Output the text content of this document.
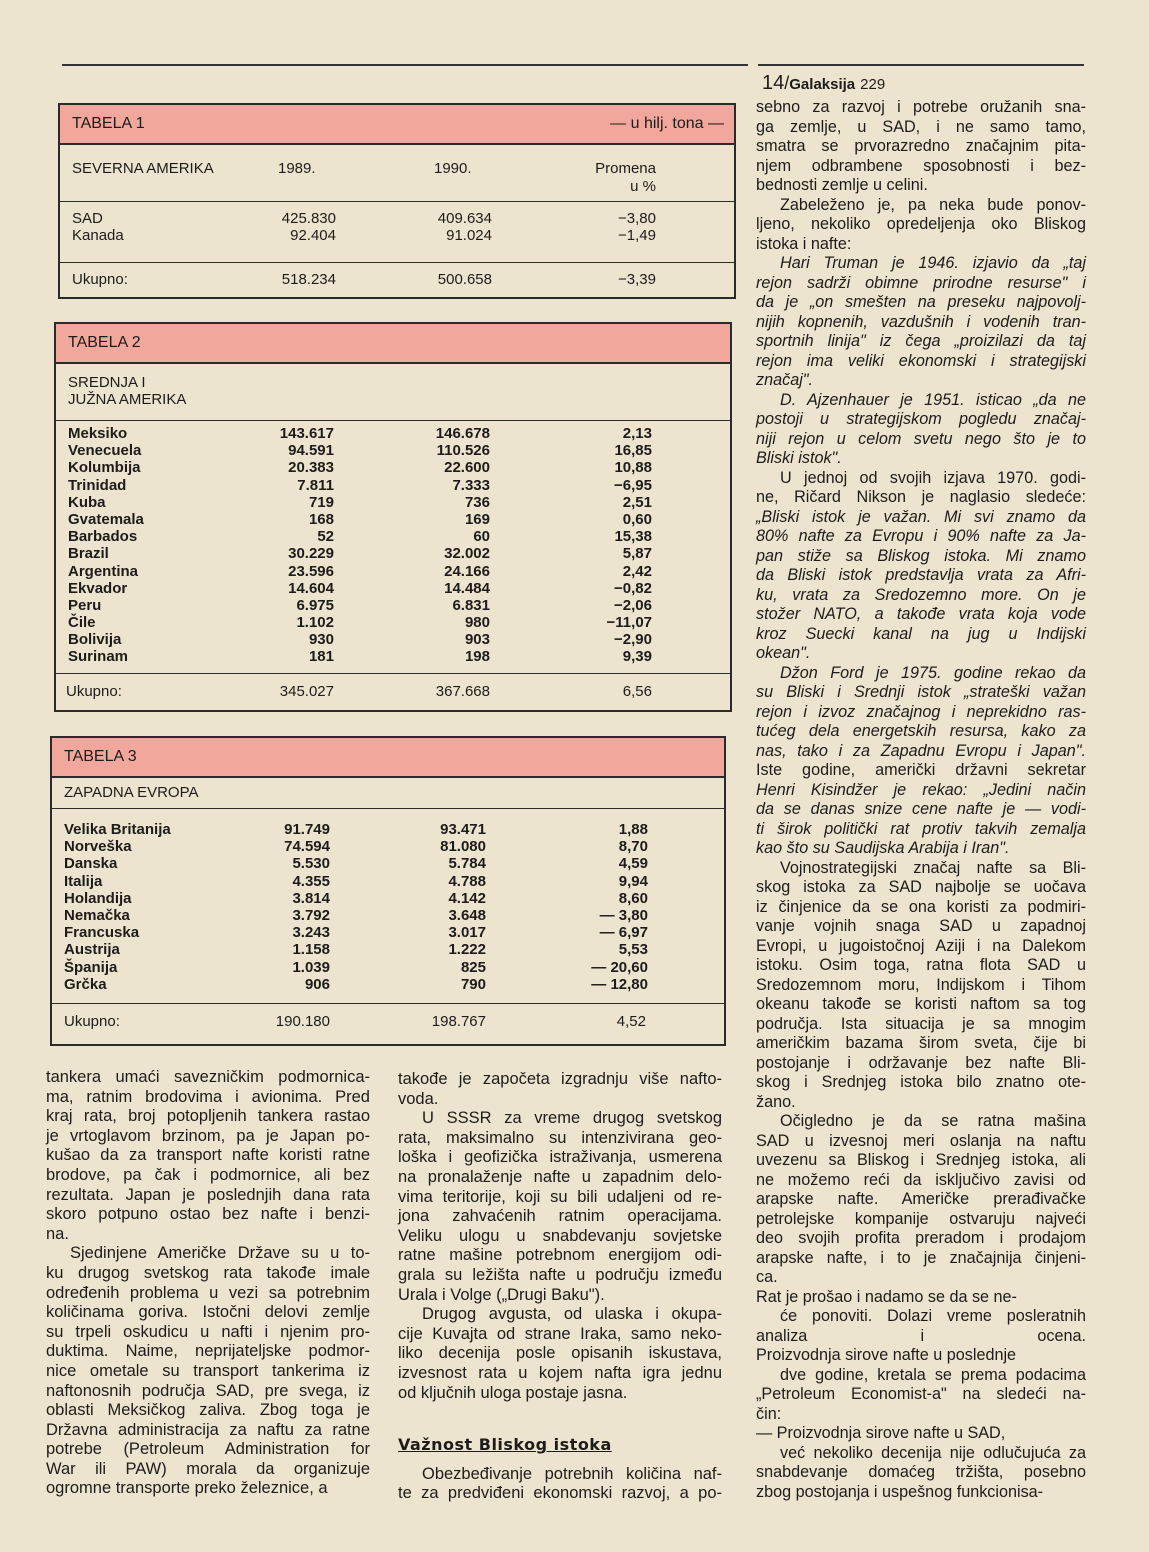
14/Galaksija 229
TABELA 1	— u hilj. tona —
SEVERNA AMERIKA	1989.	1990.	Promena
u %
SAD	425.830	409.634	−3,80
Kanada	92.404	91.024	−1,49
Ukupno:	518.234	500.658	−3,39
TABELA 2
SREDNJA I
JUŽNA AMERIKA
Meksiko	143.617	146.678	2,13
Venecuela	94.591	110.526	16,85
Kolumbija	20.383	22.600	10,88
Trinidad	7.811	7.333	−6,95
Kuba	719	736	2,51
Gvatemala	168	169	0,60
Barbados	52	60	15,38
Brazil	30.229	32.002	5,87
Argentina	23.596	24.166	2,42
Ekvador	14.604	14.484	−0,82
Peru	6.975	6.831	−2,06
Čile	1.102	980	−11,07
Bolivija	930	903	−2,90
Surinam	181	198	9,39
Ukupno:	345.027	367.668	6,56
TABELA 3
ZAPADNA EVROPA
Velika Britanija	91.749	93.471	1,88
Norveška	74.594	81.080	8,70
Danska	5.530	5.784	4,59
Italija	4.355	4.788	9,94
Holandija	3.814	4.142	8,60
Nemačka	3.792	3.648	— 3,80
Francuska	3.243	3.017	— 6,97
Austrija	1.158	1.222	5,53
Španija	1.039	825	— 20,60
Grčka	906	790	— 12,80
Ukupno:	190.180	198.767	4,52
tankera umaći savezničkim podmornica-
ma, ratnim brodovima i avionima. Pred
kraj rata, broj potopljenih tankera rastao
je vrtoglavom brzinom, pa je Japan po-
kušao da za transport nafte koristi ratne
brodove, pa čak i podmornice, ali bez
rezultata. Japan je poslednjih dana rata
skoro potpuno ostao bez nafte i benzi-
na.
Sjedinjene Američke Države su u to-
ku drugog svetskog rata takođe imale
određenih problema u vezi sa potrebnim
količinama goriva. Istočni delovi zemlje
su trpeli oskudicu u nafti i njenim pro-
duktima. Naime, neprijateljske podmor-
nice ometale su transport tankerima iz
naftonosnih područja SAD, pre svega, iz
oblasti Meksičkog zaliva. Zbog toga je
Državna administracija za naftu za ratne
potrebe (Petroleum Administration for
War ili PAW) morala da organizuje
ogromne transporte preko železnice, a
takođe je započeta izgradnju više nafto-
voda.
U SSSR za vreme drugog svetskog
rata, maksimalno su intenzivirana geo-
loška i geofizička istraživanja, usmerena
na pronalaženje nafte u zapadnim delo-
vima teritorije, koji su bili udaljeni od re-
jona zahvaćenih ratnim operacijama.
Veliku ulogu u snabdevanju sovjetske
ratne mašine potrebnom energijom odi-
grala su ležišta nafte u području između
Urala i Volge („Drugi Baku").
Drugog avgusta, od ulaska i okupa-
cije Kuvajta od strane Iraka, samo neko-
liko decenija posle opisanih iskustava,
izvesnost rata u kojem nafta igra jednu
od ključnih uloga postaje jasna.
Važnost Bliskog istoka
Obezbeđivanje potrebnih količina naf-
te za predviđeni ekonomski razvoj, a po-
sebno za razvoj i potrebe oružanih sna-
ga zemlje, u SAD, i ne samo tamo,
smatra se prvorazredno značajnim pita-
njem odbrambene sposobnosti i bez-
bednosti zemlje u celini.
Zabeleženo je, pa neka bude ponov-
ljeno, nekoliko opredeljenja oko Bliskog
istoka i nafte:
Hari Truman je 1946. izjavio da „taj
rejon sadrži obimne prirodne resurse" i
da je „on smešten na preseku najpovolj-
nijih kopnenih, vazdušnih i vodenih tran-
sportnih linija" iz čega „proizilazi da taj
rejon ima veliki ekonomski i strategijski
značaj".
D. Ajzenhauer je 1951. isticao „da ne
postoji u strategijskom pogledu značaj-
niji rejon u celom svetu nego što je to
Bliski istok".
U jednoj od svojih izjava 1970. godi-
ne, Ričard Nikson je naglasio sledeće:
„Bliski istok je važan. Mi svi znamo da
80% nafte za Evropu i 90% nafte za Ja-
pan stiže sa Bliskog istoka. Mi znamo
da Bliski istok predstavlja vrata za Afri-
ku, vrata za Sredozemno more. On je
stožer NATO, a takođe vrata koja vode
kroz Suecki kanal na jug u Indijski
okean".
Džon Ford je 1975. godine rekao da
su Bliski i Srednji istok „strateški važan
rejon i izvoz značajnog i neprekidno ras-
tućeg dela energetskih resursa, kako za
nas, tako i za Zapadnu Evropu i Japan".
Iste godine, američki državni sekretar
Henri Kisindžer je rekao: „Jedini način
da se danas snize cene nafte je — vodi-
ti širok politički rat protiv takvih zemalja
kao što su Saudijska Arabija i Iran".
Vojnostrategijski značaj nafte sa Bli-
skog istoka za SAD najbolje se uočava
iz činjenice da se ona koristi za podmiri-
vanje vojnih snaga SAD u zapadnoj
Evropi, u jugoistočnoj Aziji i na Dalekom
istoku. Osim toga, ratna flota SAD u
Sredozemnom moru, Indijskom i Tihom
okeanu takođe se koristi naftom sa tog
područja. Ista situacija je sa mnogim
američkim bazama širom sveta, čije bi
postojanje i održavanje bez nafte Bli-
skog i Srednjeg istoka bilo znatno ote-
žano.
Očigledno je da se ratna mašina
SAD u izvesnoj meri oslanja na naftu
uvezenu sa Bliskog i Srednjeg istoka, ali
ne možemo reći da isključivo zavisi od
arapske nafte. Američke prerađivačke
petrolejske kompanije ostvaruju najveći
deo svojih profita preradom i prodajom
arapske nafte, i to je značajnija činjeni-
ca.
Rat je prošao i nadamo se da se ne-
će ponoviti. Dolazi vreme posleratnih
analiza i ocena.
Proizvodnja sirove nafte u poslednje
dve godine, kretala se prema podacima
„Petroleum Economist-a" na sledeći na-
čin:
— Proizvodnja sirove nafte u SAD,
već nekoliko decenija nije odlučujuća za
snabdevanje domaćeg tržišta, posebno
zbog postojanja i uspešnog funkcionisa-
